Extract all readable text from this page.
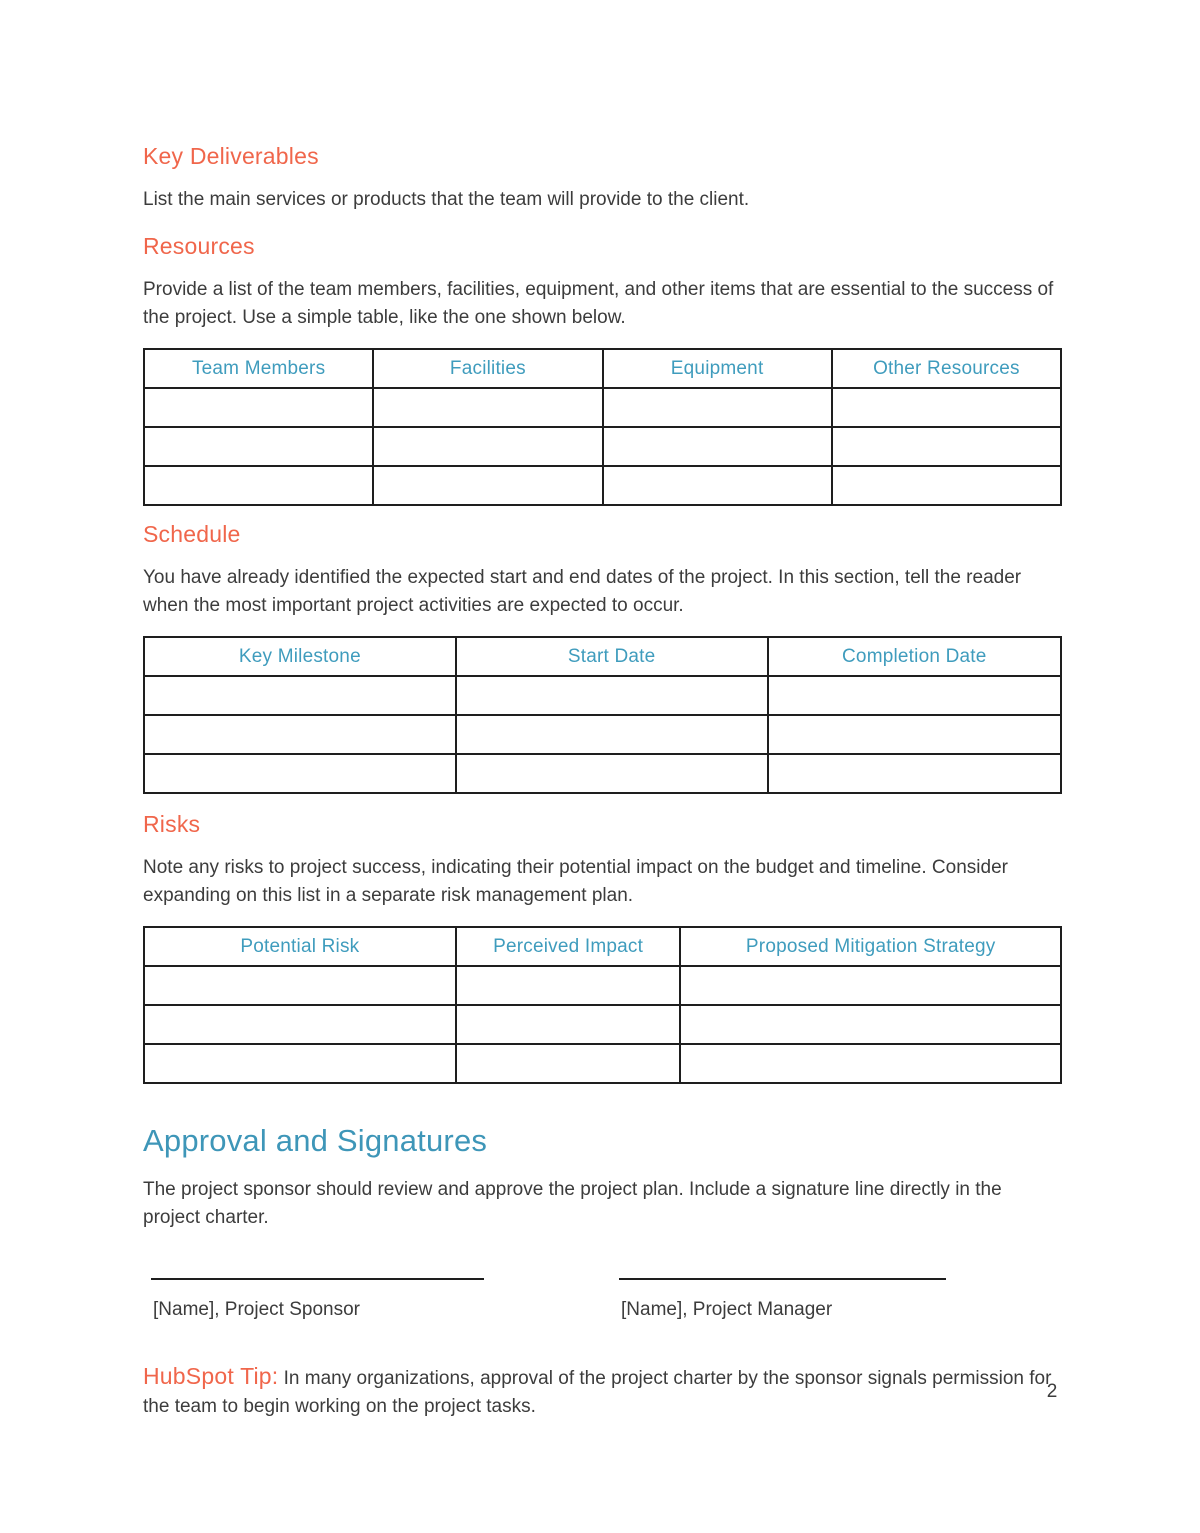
Key Deliverables

List the main services or products that the team will provide to the client.

Resources

Provide a list of the team members, facilities, equipment, and other items that are essential to the success of the project. Use a simple table, like the one shown below.

Team Members	Facilities	Equipment	Other Resources

Schedule

You have already identified the expected start and end dates of the project. In this section, tell the reader when the most important project activities are expected to occur.

Key Milestone	Start Date	Completion Date

Risks

Note any risks to project success, indicating their potential impact on the budget and timeline. Consider expanding on this list in a separate risk management plan.

Potential Risk	Perceived Impact	Proposed Mitigation Strategy

Approval and Signatures

The project sponsor should review and approve the project plan. Include a signature line directly in the project charter.

[Name], Project Sponsor	[Name], Project Manager

HubSpot Tip: In many organizations, approval of the project charter by the sponsor signals permission for the team to begin working on the project tasks.

2
